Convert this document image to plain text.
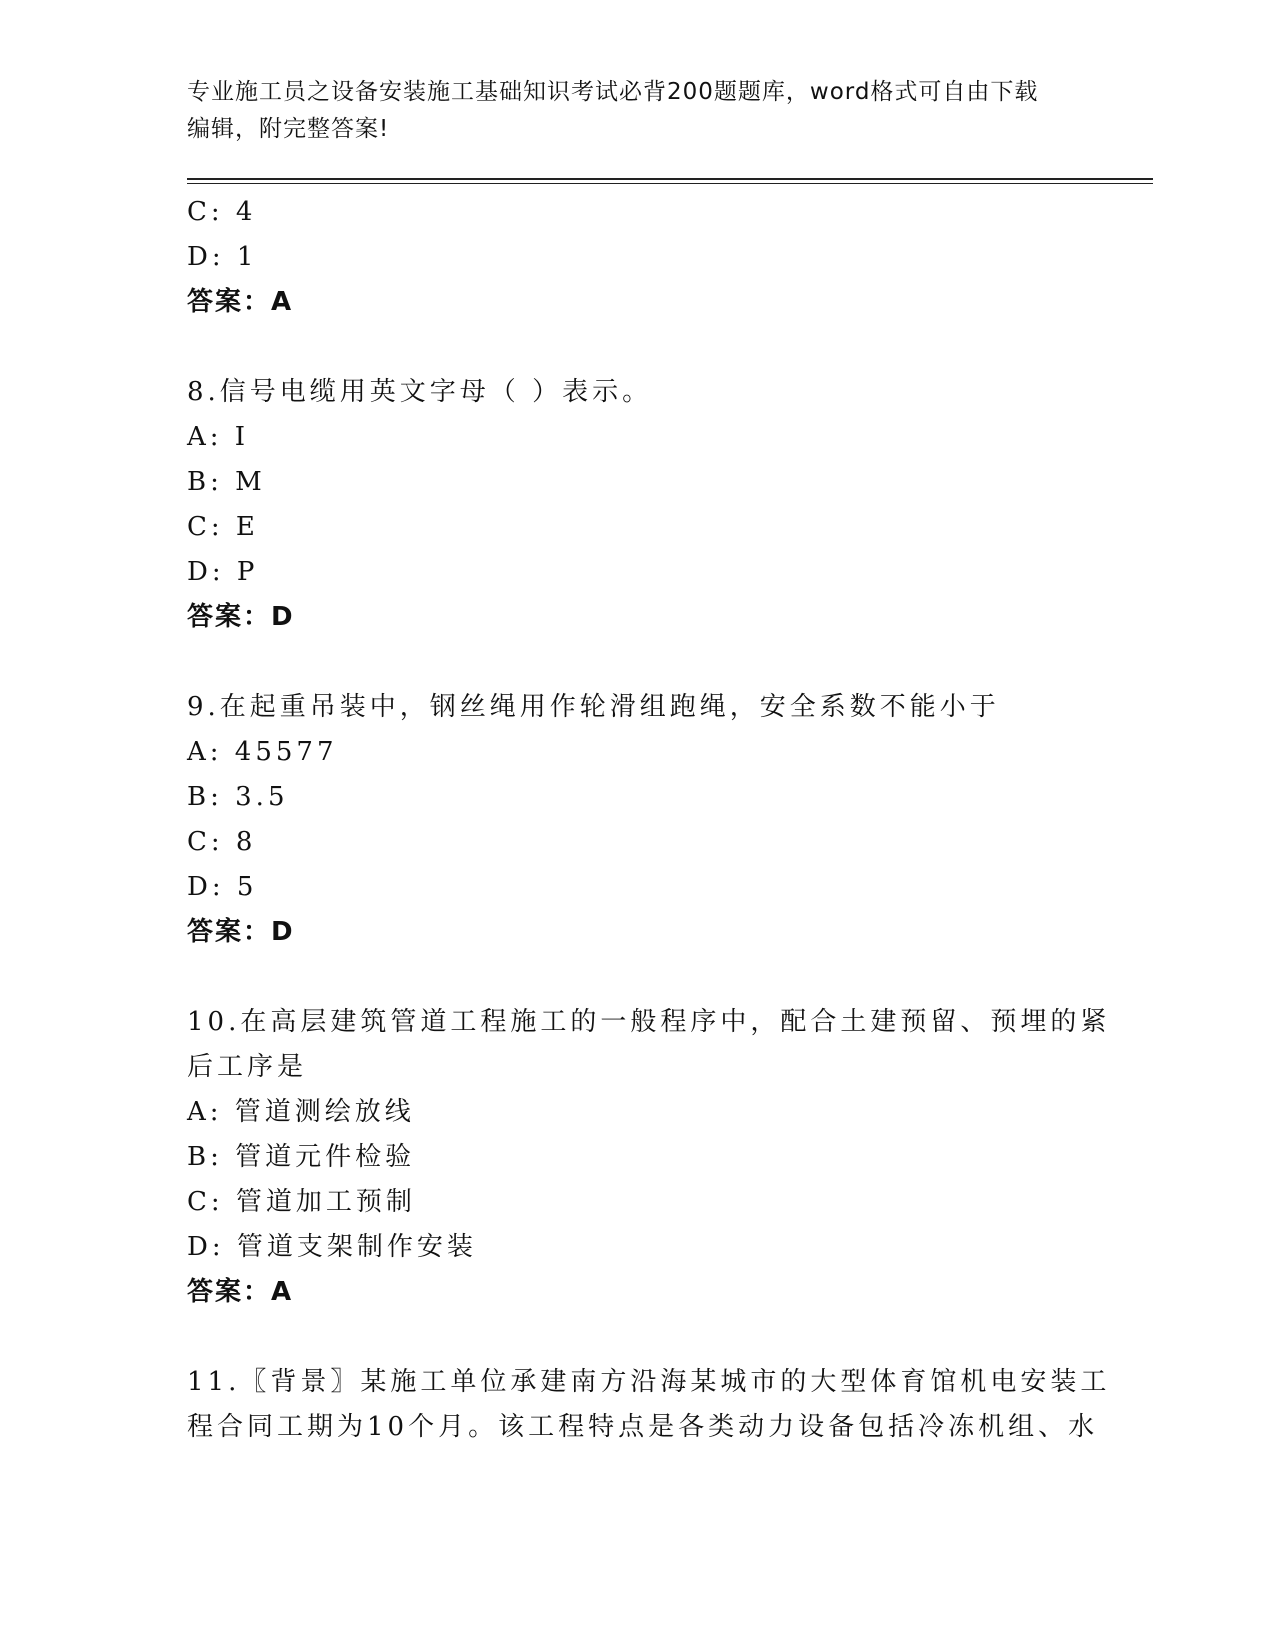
专业施工员之设备安装施工基础知识考试必背200题题库，word格式可自由下载
编辑，附完整答案!
C: 4
D: 1
答案：A
8.信号电缆用英文字母（ ）表示。
A: I
B: M
C: E
D: P
答案：D
9.在起重吊装中，钢丝绳用作轮滑组跑绳，安全系数不能小于
A: 45577
B: 3.5
C: 8
D: 5
答案：D
10.在高层建筑管道工程施工的一般程序中，配合土建预留、预埋的紧
后工序是
A: 管道测绘放线
B: 管道元件检验
C: 管道加工预制
D: 管道支架制作安装
答案：A
11.〖背景〗某施工单位承建南方沿海某城市的大型体育馆机电安装工
程合同工期为10个月。该工程特点是各类动力设备包括冷冻机组、水
